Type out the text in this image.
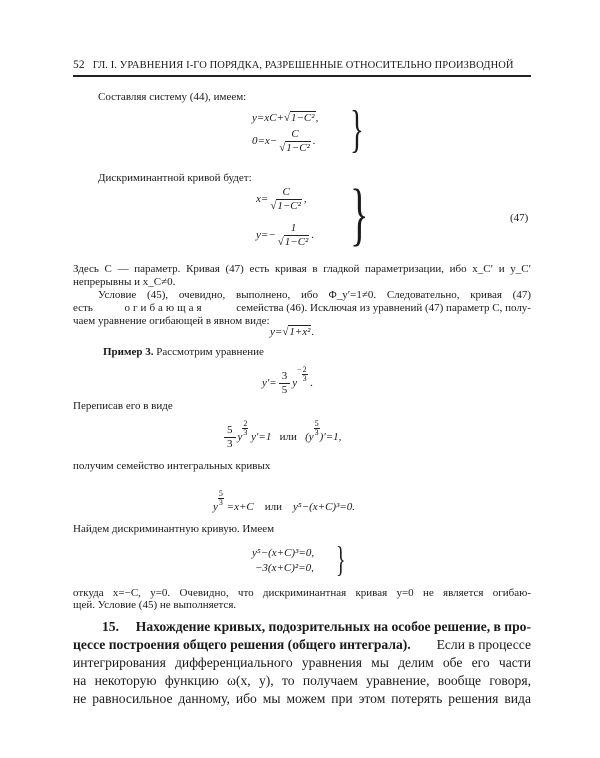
52 ГЛ. I. УРАВНЕНИЯ I-ГО ПОРЯДКА, РАЗРЕШЕННЫЕ ОТНОСИТЕЛЬНО ПРОИЗВОДНОЙ
Составляя систему (44), имеем:
y=xC+√1−C²,
$0=x- \frac{C}{\text{√1−C²}}$ . }
Дискриминантной кривой будет:
$x= \frac{C}{\text{√1−C²}}$ ,
$y=- \frac{1}{\text{√1−C²}}$ . }	(47)
Здесь C — параметр. Кривая (47) есть кривая в гладкой параметризации, ибо x_C′ и y_C′
непрерывны и x_C≠0.
Условие (45), очевидно, выполнено, ибо Φ_y′=1≠0. Следовательно, кривая (47)
есть	огибающая	семейства (46). Исключая из уравнений (47) параметр C, полу-
чаем уравнение огибающей в явном виде:
y=√1+x².
Пример 3. Рассмотрим уравнение
$y'= \frac{3}{5}$ y
− $\frac{2}{3}$ .
Переписав его в виде
$\frac{5}{3}$ y $\frac{2}{3} y'=1$ или $(y \frac{5}{3} )'=1$,
получим семейство интегральных кривых
y $\frac{5}{3} =x+C$ или y⁵−(x+C)³=0.
Найдем дискриминантную кривую. Имеем
y⁵−(x+C)³=0,
−3(x+C)²=0, }
откуда x=−C, y=0. Очевидно, что дискриминантная кривая y=0 не является огибаю-
щей. Условие (45) не выполняется.
15. Нахождение кривых, подозрительных на особое решение, в про-
цессе построения общего решения (общего интеграла). Если в процессе
интегрирования дифференциального уравнения мы делим обе его части
на некоторую функцию ω(x, y), то получаем уравнение, вообще говоря,
не равносильное данному, ибо мы можем при этом потерять решения вида
